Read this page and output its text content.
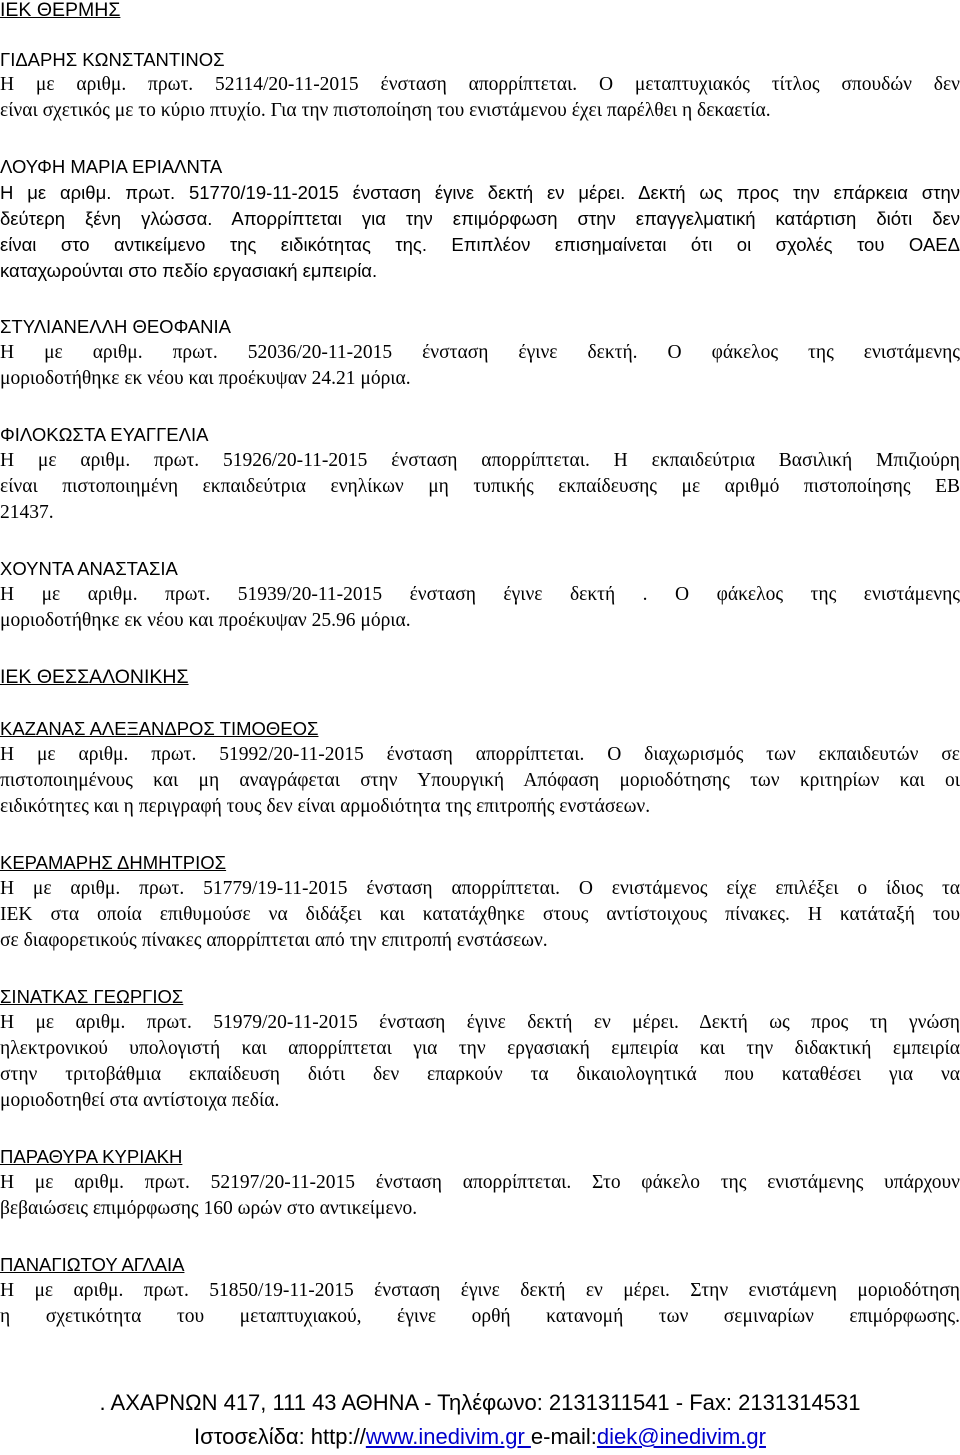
ΙΕΚ ΘΕΡΜΗΣ
ΓΙΔΑΡΗΣ ΚΩΝΣΤΑΝΤΙΝΟΣ
Η με αριθμ. πρωτ. 52114/20-11-2015 ένσταση απορρίπτεται. Ο μεταπτυχιακός τίτλος σπουδών δεν
είναι σχετικός με το κύριο πτυχίο. Για την πιστοποίηση του ενιστάμενου έχει παρέλθει η δεκαετία.
ΛΟΥΦΗ ΜΑΡΙΑ ΕΡΙΑΛΝΤΑ
Η με αριθμ. πρωτ. 51770/19-11-2015 ένσταση έγινε δεκτή εν μέρει. Δεκτή ως προς την επάρκεια στην
δεύτερη ξένη γλώσσα. Απορρίπτεται για την επιμόρφωση στην επαγγελματική κατάρτιση διότι δεν
είναι στο αντικείμενο της ειδικότητας της. Επιπλέον επισημαίνεται ότι οι σχολές του ΟΑΕΔ
καταχωρούνται στο πεδίο εργασιακή εμπειρία.
ΣΤΥΛΙΑΝΕΛΛΗ ΘΕΟΦΑΝΙΑ
Η με αριθμ. πρωτ. 52036/20-11-2015 ένσταση έγινε δεκτή. Ο φάκελος της ενιστάμενης
μοριοδοτήθηκε εκ νέου και προέκυψαν 24.21 μόρια.
ΦΙΛΟΚΩΣΤΑ ΕΥΑΓΓΕΛΙΑ
Η με αριθμ. πρωτ. 51926/20-11-2015 ένσταση απορρίπτεται. Η εκπαιδεύτρια Βασιλική Μπιζιούρη
είναι πιστοποιημένη εκπαιδεύτρια ενηλίκων μη τυπικής εκπαίδευσης με αριθμό πιστοποίησης ΕΒ
21437.
ΧΟΥΝΤΑ ΑΝΑΣΤΑΣΙΑ
Η με αριθμ. πρωτ. 51939/20-11-2015 ένσταση έγινε δεκτή . Ο φάκελος της ενιστάμενης
μοριοδοτήθηκε εκ νέου και προέκυψαν 25.96 μόρια.
ΙΕΚ ΘΕΣΣΑΛΟΝΙΚΗΣ
ΚΑΖΑΝΑΣ ΑΛΕΞΑΝΔΡΟΣ ΤΙΜΟΘΕΟΣ
Η με αριθμ. πρωτ. 51992/20-11-2015 ένσταση απορρίπτεται. Ο διαχωρισμός των εκπαιδευτών σε
πιστοποιημένους και μη αναγράφεται στην Υπουργική Απόφαση μοριοδότησης των κριτηρίων και οι
ειδικότητες και η περιγραφή τους δεν είναι αρμοδιότητα της επιτροπής ενστάσεων.
ΚΕΡΑΜΑΡΗΣ ΔΗΜΗΤΡΙΟΣ
Η με αριθμ. πρωτ. 51779/19-11-2015 ένσταση απορρίπτεται. Ο ενιστάμενος είχε επιλέξει ο ίδιος τα
ΙΕΚ στα οποία επιθυμούσε να διδάξει και κατατάχθηκε στους αντίστοιχους πίνακες. Η κατάταξή του
σε διαφορετικούς πίνακες απορρίπτεται από την επιτροπή ενστάσεων.
ΣΙΝΑΤΚΑΣ ΓΕΩΡΓΙΟΣ
Η με αριθμ. πρωτ. 51979/20-11-2015 ένσταση έγινε δεκτή εν μέρει. Δεκτή ως προς τη γνώση
ηλεκτρονικού υπολογιστή και απορρίπτεται για την εργασιακή εμπειρία και την διδακτική εμπειρία
στην τριτοβάθμια εκπαίδευση διότι δεν επαρκούν τα δικαιολογητικά που καταθέσει για να
μοριοδοτηθεί στα αντίστοιχα πεδία.
ΠΑΡΑΘΥΡΑ ΚΥΡΙΑΚΗ
Η με αριθμ. πρωτ. 52197/20-11-2015 ένσταση απορρίπτεται. Στο φάκελο της ενιστάμενης υπάρχουν
βεβαιώσεις επιμόρφωσης 160 ωρών στο αντικείμενο.
ΠΑΝΑΓΙΩΤΟΥ ΑΓΛΑΙΑ
Η με αριθμ. πρωτ. 51850/19-11-2015 ένσταση έγινε δεκτή εν μέρει. Στην ενιστάμενη μοριοδότηση
η σχετικότητα του μεταπτυχιακού, έγινε ορθή κατανομή των σεμιναρίων επιμόρφωσης.
. ΑΧΑΡΝΩΝ 417, 111 43 ΑΘΗΝΑ - Τηλέφωνο: 2131311541 - Fax: 2131314531
Ιστοσελίδα: http://www.inedivim.gr e-mail:diek@inedivim.gr
